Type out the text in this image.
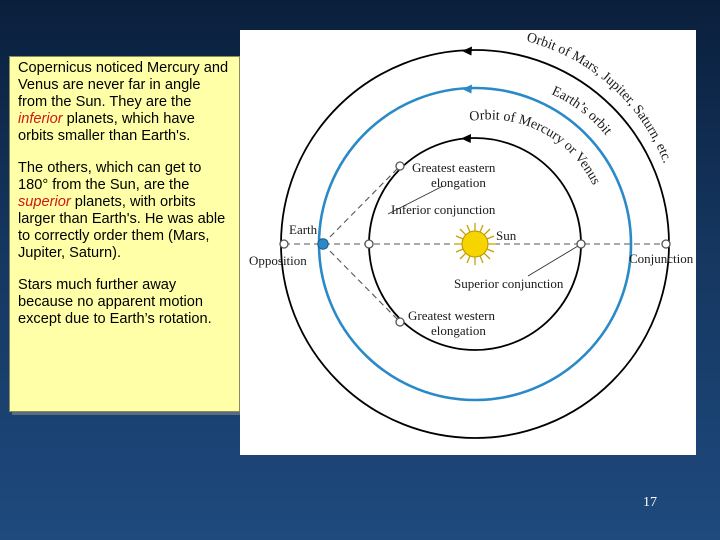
Copernicus noticed Mercury and Venus are never far in angle from the Sun. They are the inferior planets, which have orbits smaller than Earth's.

The others, which can get to 180° from the Sun, are the superior planets, with orbits larger than Earth's. He was able to correctly order them (Mars, Jupiter, Saturn).

Stars much further away because no apparent motion except due to Earth’s rotation.

Orbit of Mars, Jupiter, Saturn, etc.
Earth’s orbit
Orbit of Mercury or Venus
Greatest eastern
elongation
Inferior conjunction
Earth	Sun
Opposition	Conjunction
Superior conjunction
Greatest western
elongation
17
